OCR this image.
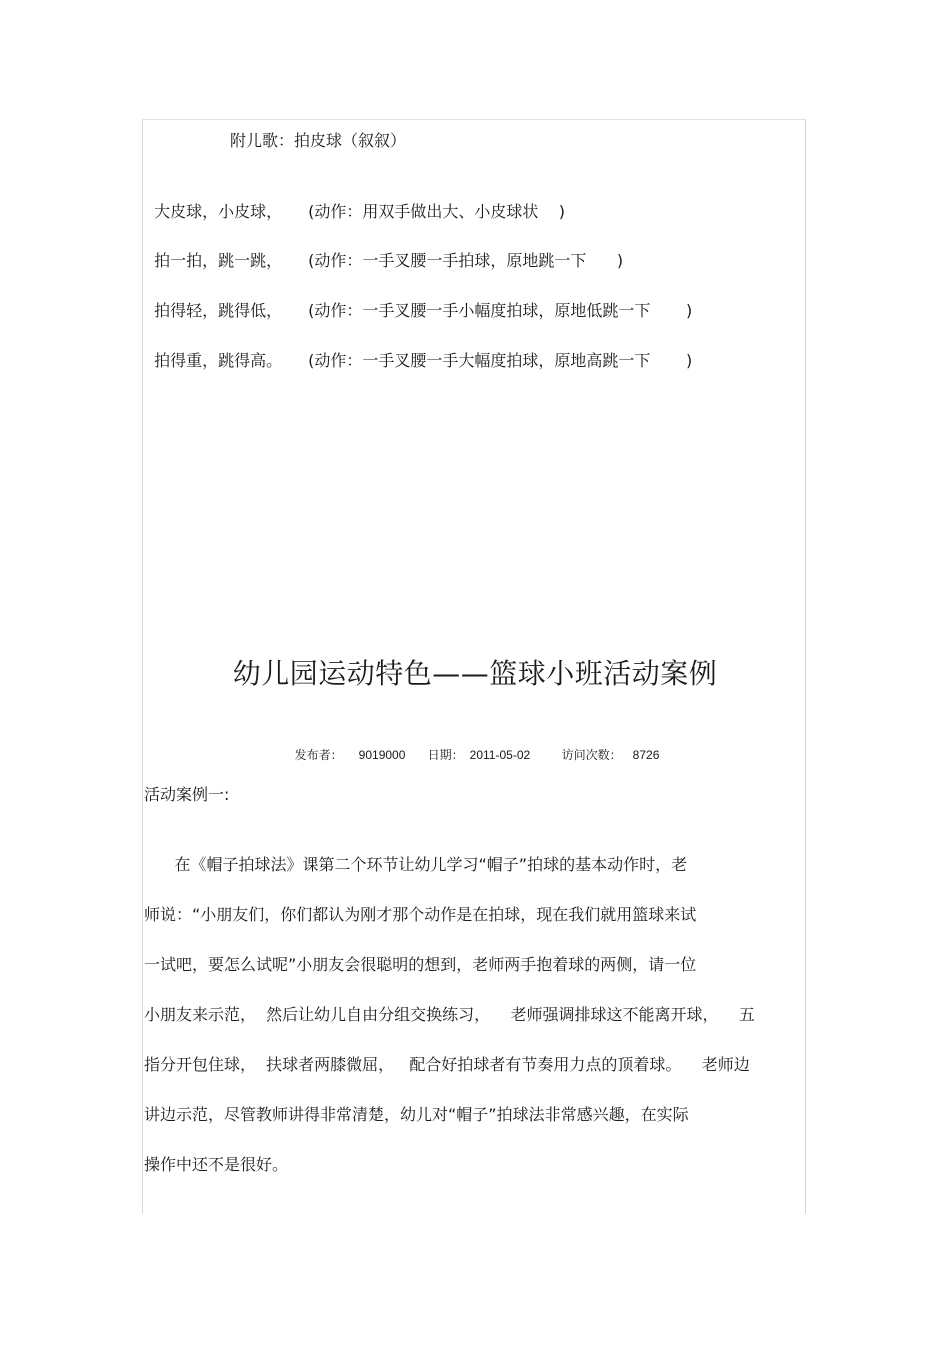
附儿歌：拍皮球（叙叙）

大皮球，小皮球， (动作：用双手做出大、小皮球状    )

拍一拍，跳一跳， (动作：一手叉腰一手拍球，原地跳一下      )

拍得轻，跳得低， (动作：一手叉腰一手小幅度拍球，原地低跳一下       )

拍得重，跳得高。 (动作：一手叉腰一手大幅度拍球，原地高跳一下       )

幼儿园运动特色——篮球小班活动案例

发布者： 9019000 日期： 2011-05-02	访问次数： 8726

活动案例一:
在《帽子拍球法》课第二个环节让幼儿学习“帽子”拍球的基本动作时，老
师说：“小朋友们，你们都认为刚才那个动作是在拍球，现在我们就用篮球来试
一试吧，要怎么试呢”小朋友会很聪明的想到，老师两手抱着球的两侧，请一位
小朋友来示范，  然后让幼儿自由分组交换练习，    老师强调排球这不能离开球，    五
指分开包住球，  扶球者两膝微屈，   配合好拍球者有节奏用力点的顶着球。    老师边
讲边示范，尽管教师讲得非常清楚，幼儿对“帽子”拍球法非常感兴趣，在实际
操作中还不是很好。
